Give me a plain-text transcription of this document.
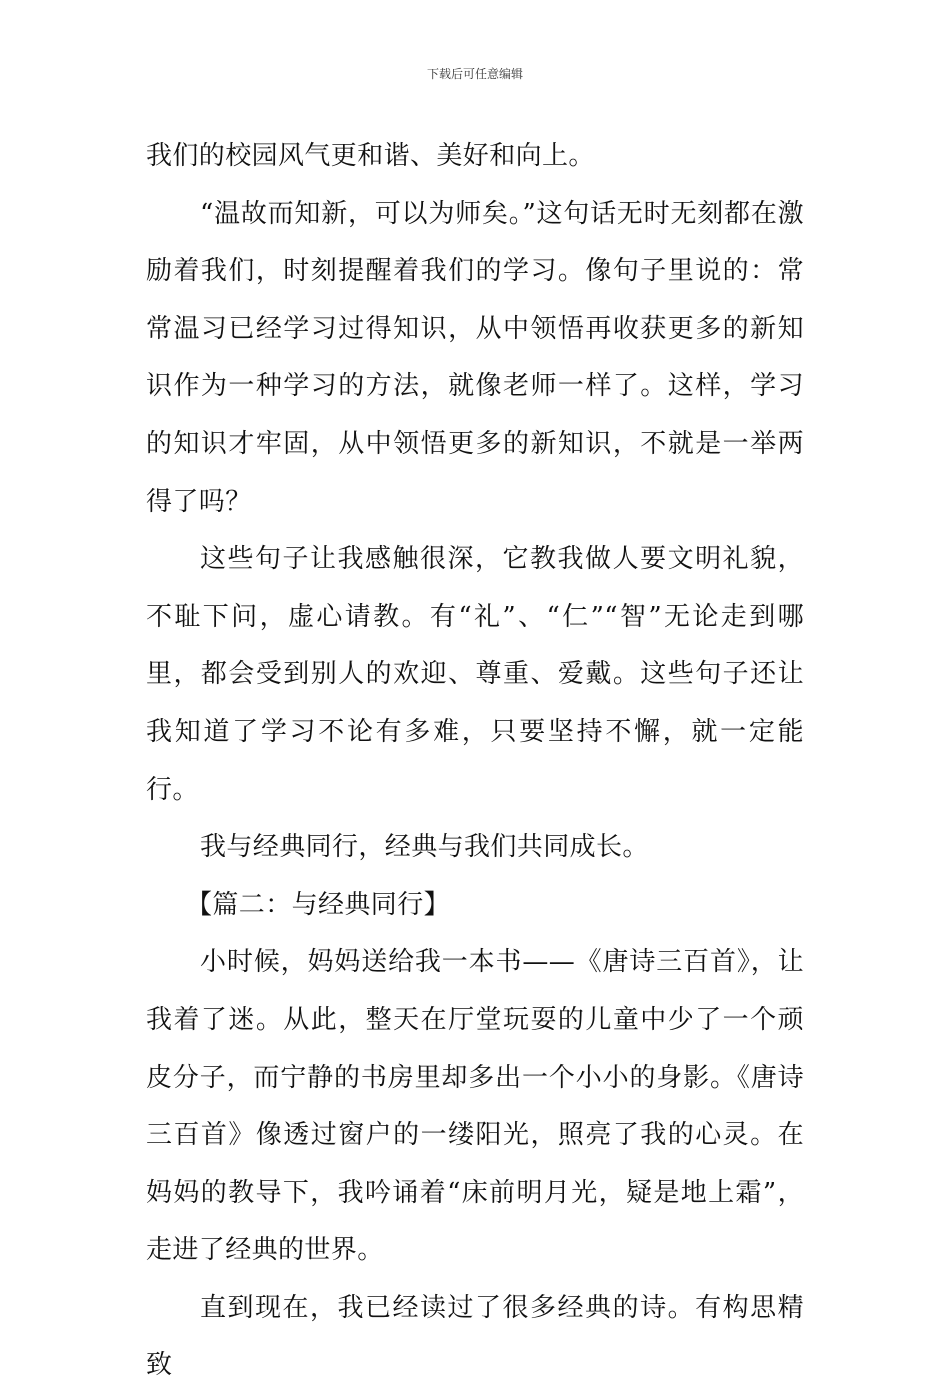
下载后可任意编辑

我们的校园风气更和谐、美好和向上。

“温故而知新，可以为师矣。”这句话无时无刻都在激励着我们，时刻提醒着我们的学习。像句子里说的：常常温习已经学习过得知识，从中领悟再收获更多的新知识作为一种学习的方法，就像老师一样了。这样，学习的知识才牢固，从中领悟更多的新知识，不就是一举两得了吗？

这些句子让我感触很深，它教我做人要文明礼貌，不耻下问，虚心请教。有“礼”、“仁”“智”无论走到哪里，都会受到别人的欢迎、尊重、爱戴。这些句子还让我知道了学习不论有多难，只要坚持不懈，就一定能行。

我与经典同行，经典与我们共同成长。

【篇二：与经典同行】

小时候，妈妈送给我一本书——《唐诗三百首》，让我着了迷。从此，整天在厅堂玩耍的儿童中少了一个顽皮分子，而宁静的书房里却多出一个小小的身影。《唐诗三百首》像透过窗户的一缕阳光，照亮了我的心灵。在妈妈的教导下，我吟诵着“床前明月光，疑是地上霜”，走进了经典的世界。

直到现在，我已经读过了很多经典的诗。有构思精致
